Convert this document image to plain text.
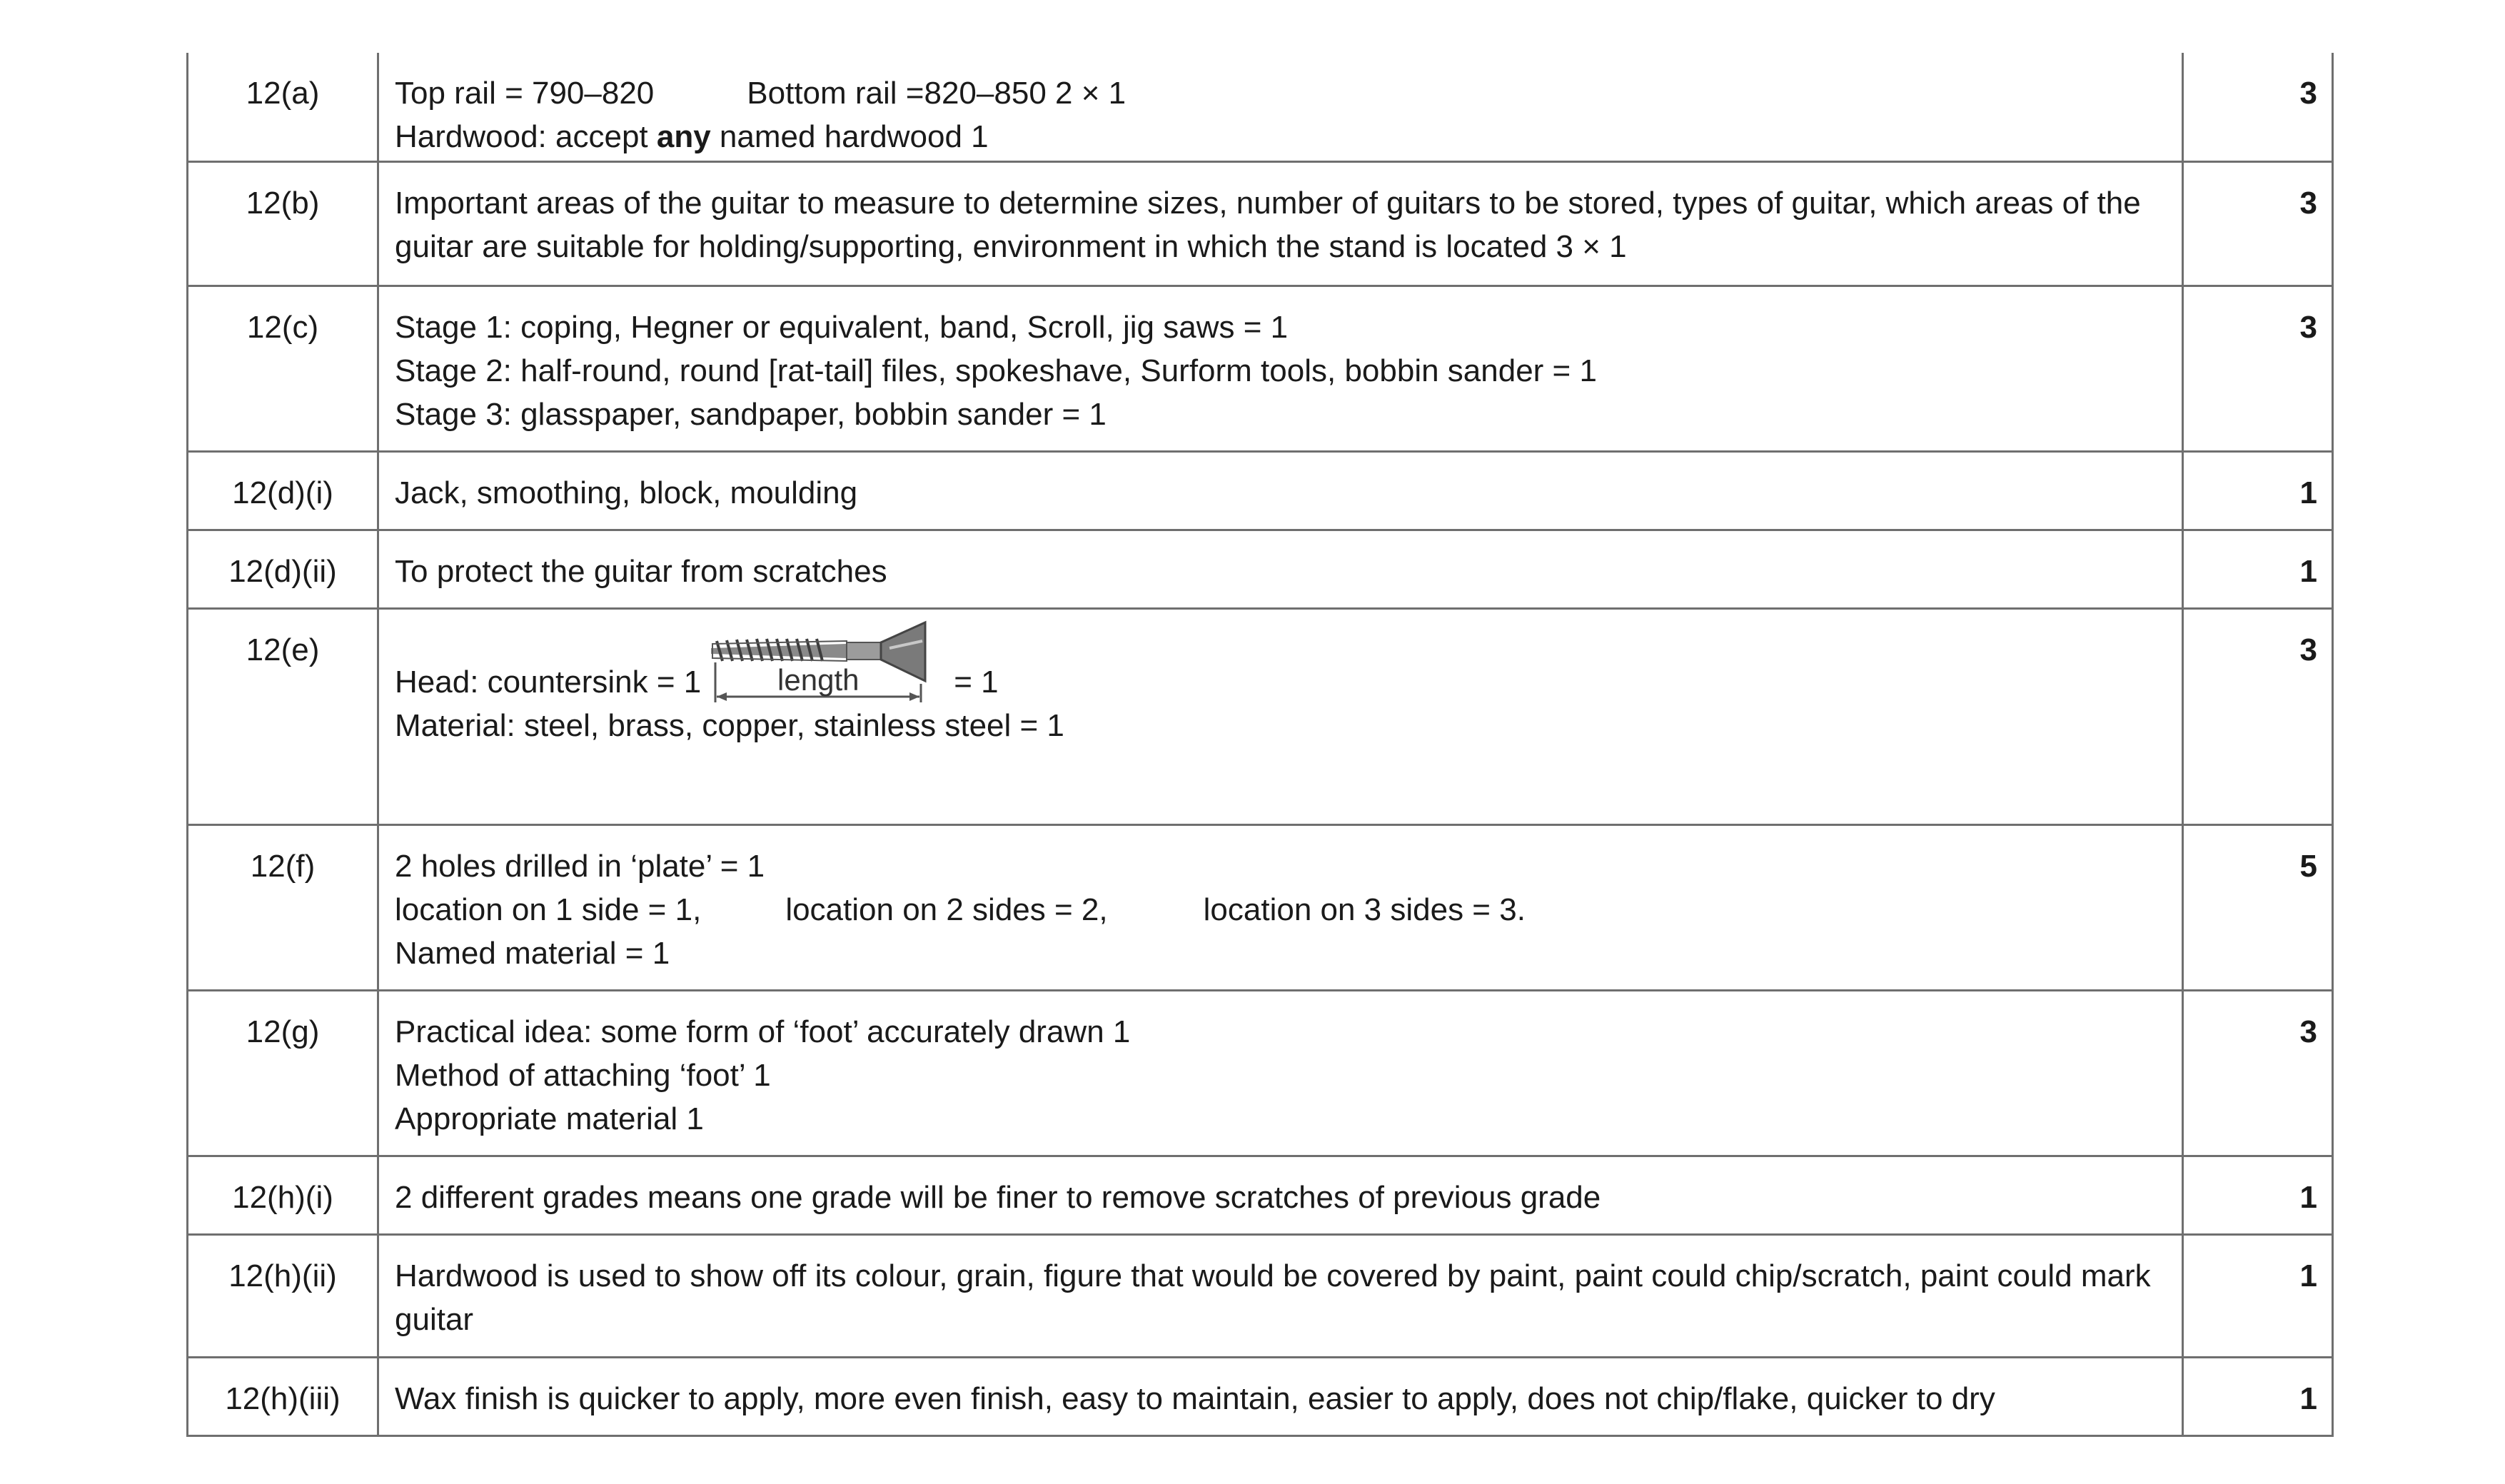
12(a)	Top rail = 790–820 Bottom rail =820–850 2 × 1
Hardwood: accept any named hardwood 1	3
12(b)	Important areas of the guitar to measure to determine sizes, number of guitars to be stored, types of guitar, which areas of the guitar are suitable for holding/supporting, environment in which the stand is located 3 × 1	3
12(c)	Stage 1: coping, Hegner or equivalent, band, Scroll, jig saws = 1
Stage 2: half-round, round [rat-tail] files, spokeshave, Surform tools, bobbin sander = 1
Stage 3: glasspaper, sandpaper, bobbin sander = 1	3
12(d)(i)	Jack, smoothing, block, moulding	1
12(d)(ii)	To protect the guitar from scratches	1
12(e)	Head: countersink = 1

length = 1
Material: steel, brass, copper, stainless steel = 1	3
12(f)	2 holes drilled in ‘plate’ = 1
location on 1 side = 1, location on 2 sides = 2, location on 3 sides = 3.
Named material = 1	5
12(g)	Practical idea: some form of ‘foot’ accurately drawn 1
Method of attaching ‘foot’ 1
Appropriate material 1	3
12(h)(i)	2 different grades means one grade will be finer to remove scratches of previous grade	1
12(h)(ii)	Hardwood is used to show off its colour, grain, figure that would be covered by paint, paint could chip/scratch, paint could mark guitar	1
12(h)(iii)	Wax finish is quicker to apply, more even finish, easy to maintain, easier to apply, does not chip/flake, quicker to dry	1
